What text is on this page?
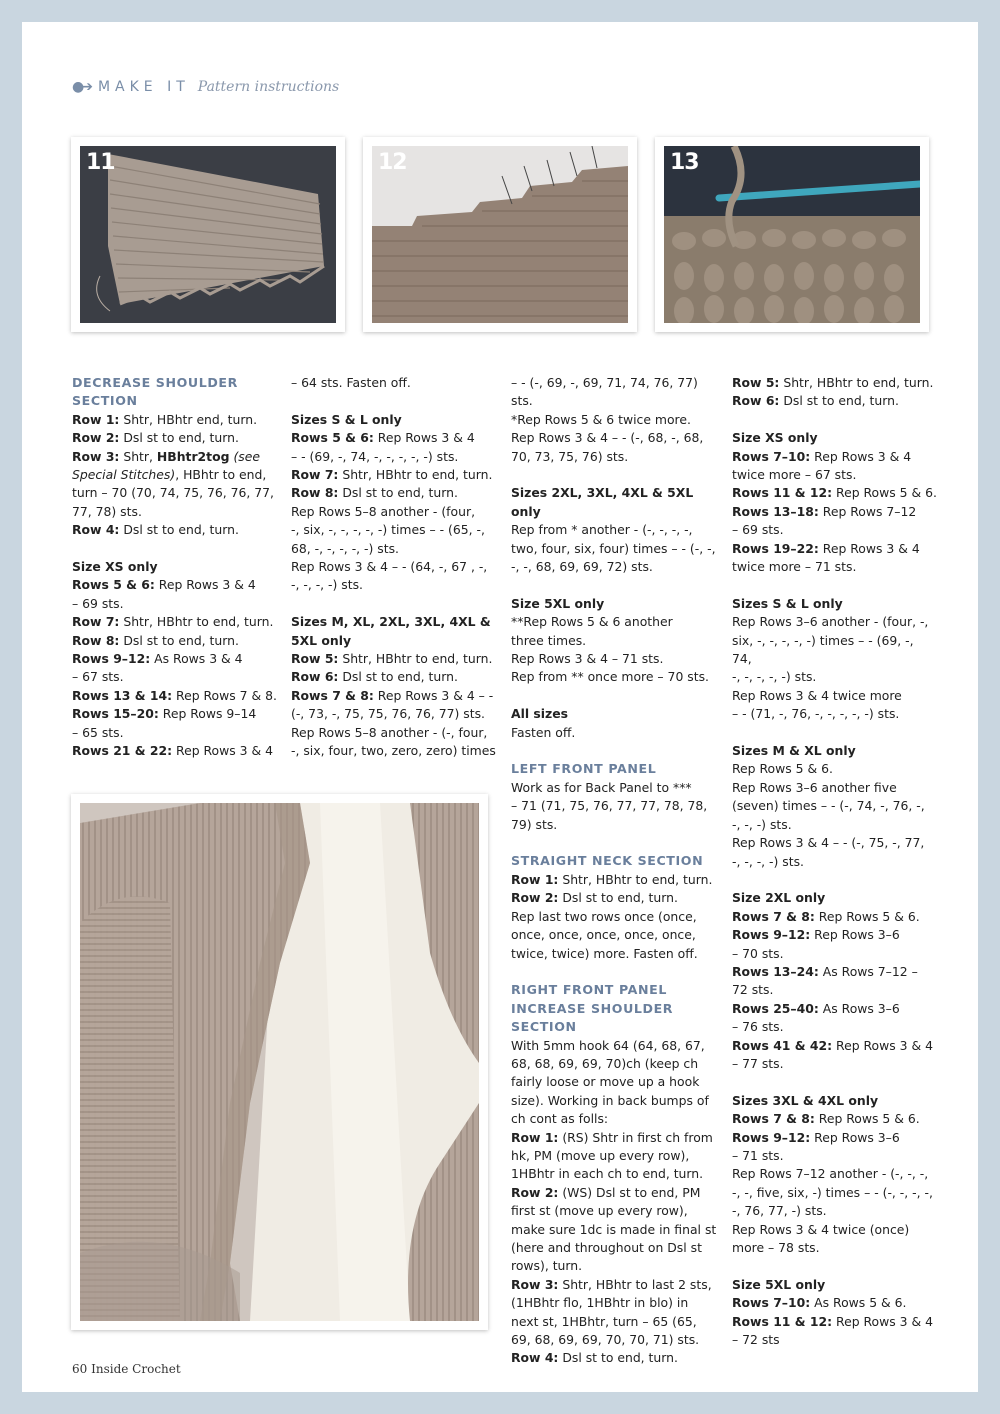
●➔ MAKE IT Pattern instructions
11	12	13

DECREASE SHOULDER

SECTION

Row 1: Shtr, HBhtr end, turn.

Row 2: Dsl st to end, turn.

Row 3: Shtr, HBhtr2tog (see

Special Stitches), HBhtr to end,

turn – 70 (70, 74, 75, 76, 76, 77,

77, 78) sts.

Row 4: Dsl st to end, turn.

Size XS only

Rows 5 & 6: Rep Rows 3 & 4

– 69 sts.

Row 7: Shtr, HBhtr to end, turn.

Row 8: Dsl st to end, turn.

Rows 9–12: As Rows 3 & 4

– 67 sts.

Rows 13 & 14: Rep Rows 7 & 8.

Rows 15–20: Rep Rows 9–14

– 65 sts.

Rows 21 & 22: Rep Rows 3 & 4

– 64 sts. Fasten off.

Sizes S & L only

Rows 5 & 6: Rep Rows 3 & 4

– - (69, -, 74, -, -, -, -, -) sts.

Row 7: Shtr, HBhtr to end, turn.

Row 8: Dsl st to end, turn.

Rep Rows 5–8 another - (four,

-, six, -, -, -, -, -) times – - (65, -,

68, -, -, -, -, -) sts.

Rep Rows 3 & 4 – - (64, -, 67 , -,

-, -, -, -) sts.

Sizes M, XL, 2XL, 3XL, 4XL &

5XL only

Row 5: Shtr, HBhtr to end, turn.

Row 6: Dsl st to end, turn.

Rows 7 & 8: Rep Rows 3 & 4 – -

(-, 73, -, 75, 75, 76, 76, 77) sts.

Rep Rows 5–8 another - (-, four,

-, six, four, two, zero, zero) times

– - (-, 69, -, 69, 71, 74, 76, 77) sts.

*Rep Rows 5 & 6 twice more.

Rep Rows 3 & 4 – - (-, 68, -, 68,

70, 73, 75, 76) sts.

Sizes 2XL, 3XL, 4XL & 5XL only

Rep from * another - (-, -, -, -,

two, four, six, four) times – - (-, -,

-, -, 68, 69, 69, 72) sts.

Size 5XL only

**Rep Rows 5 & 6 another

three times.

Rep Rows 3 & 4 – 71 sts.

Rep from ** once more – 70 sts.

All sizes

Fasten off.

LEFT FRONT PANEL

Work as for Back Panel to ***

– 71 (71, 75, 76, 77, 77, 78, 78,

79) sts.

STRAIGHT NECK SECTION

Row 1: Shtr, HBhtr to end, turn.

Row 2: Dsl st to end, turn.

Rep last two rows once (once,

once, once, once, once, once,

twice, twice) more. Fasten off.

RIGHT FRONT PANEL

INCREASE SHOULDER

SECTION

With 5mm hook 64 (64, 68, 67,

68, 68, 69, 69, 70)ch (keep ch

fairly loose or move up a hook

size). Working in back bumps of

ch cont as folls:

Row 1: (RS) Shtr in first ch from

hk, PM (move up every row),

1HBhtr in each ch to end, turn.

Row 2: (WS) Dsl st to end, PM

first st (move up every row),

make sure 1dc is made in final st

(here and throughout on Dsl st

rows), turn.

Row 3: Shtr, HBhtr to last 2 sts,

(1HBhtr flo, 1HBhtr in blo) in

next st, 1HBhtr, turn – 65 (65,

69, 68, 69, 69, 70, 70, 71) sts.

Row 4: Dsl st to end, turn.

Row 5: Shtr, HBhtr to end, turn.

Row 6: Dsl st to end, turn.

Size XS only

Rows 7–10: Rep Rows 3 & 4

twice more – 67 sts.

Rows 11 & 12: Rep Rows 5 & 6.

Rows 13–18: Rep Rows 7–12

– 69 sts.

Rows 19–22: Rep Rows 3 & 4

twice more – 71 sts.

Sizes S & L only

Rep Rows 3–6 another - (four, -,

six, -, -, -, -, -) times – - (69, -, 74,

-, -, -, -, -) sts.

Rep Rows 3 & 4 twice more

– - (71, -, 76, -, -, -, -, -) sts.

Sizes M & XL only

Rep Rows 5 & 6.

Rep Rows 3–6 another five

(seven) times – - (-, 74, -, 76, -,

-, -, -) sts.

Rep Rows 3 & 4 – - (-, 75, -, 77,

-, -, -, -) sts.

Size 2XL only

Rows 7 & 8: Rep Rows 5 & 6.

Rows 9–12: Rep Rows 3–6

– 70 sts.

Rows 13–24: As Rows 7–12 –

72 sts.

Rows 25–40: As Rows 3–6

– 76 sts.

Rows 41 & 42: Rep Rows 3 & 4

– 77 sts.

Sizes 3XL & 4XL only

Rows 7 & 8: Rep Rows 5 & 6.

Rows 9–12: Rep Rows 3–6

– 71 sts.

Rep Rows 7–12 another - (-, -, -,

-, -, five, six, -) times – - (-, -, -, -,

-, 76, 77, -) sts.

Rep Rows 3 & 4 twice (once)

more – 78 sts.

Size 5XL only

Rows 7–10: As Rows 5 & 6.

Rows 11 & 12: Rep Rows 3 & 4

– 72 sts

60 Inside Crochet
